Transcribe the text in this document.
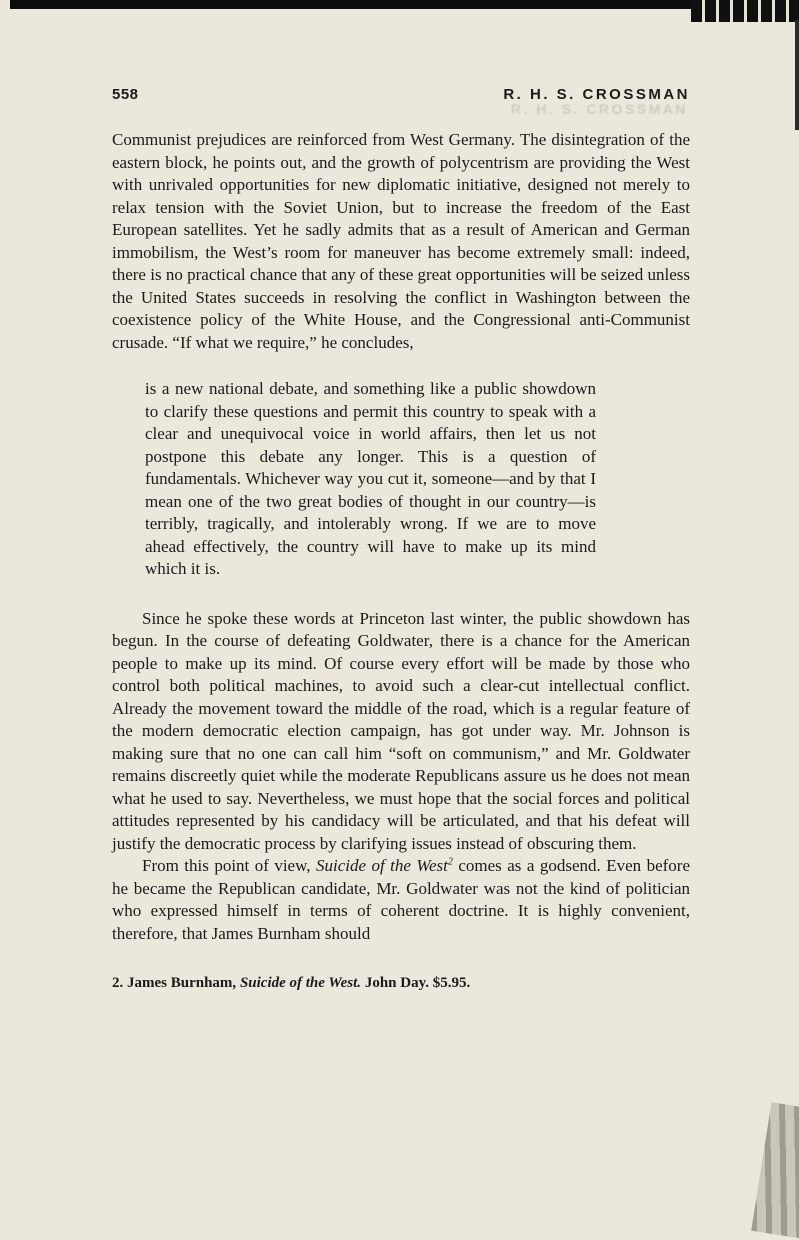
558	R. H. S. CROSSMAN
R. H. S. CROSSMAN

Communist prejudices are reinforced from West Germany. The disintegration of the eastern block, he points out, and the growth of polycentrism are providing the West with unrivaled opportunities for new diplomatic initiative, designed not merely to relax tension with the Soviet Union, but to increase the freedom of the East European satellites. Yet he sadly admits that as a result of American and German immobilism, the West’s room for maneuver has become extremely small: indeed, there is no practical chance that any of these great opportunities will be seized unless the United States succeeds in resolving the conflict in Washington between the coexistence policy of the White House, and the Congressional anti-Communist crusade. “If what we require,” he concludes,

is a new national debate, and something like a public showdown to clarify these questions and permit this country to speak with a clear and unequivocal voice in world affairs, then let us not postpone this debate any longer. This is a question of fundamentals. Whichever way you cut it, someone—and by that I mean one of the two great bodies of thought in our country—is terribly, tragically, and intolerably wrong. If we are to move ahead effectively, the country will have to make up its mind which it is.

Since he spoke these words at Princeton last winter, the public showdown has begun. In the course of defeating Goldwater, there is a chance for the American people to make up its mind. Of course every effort will be made by those who control both political machines, to avoid such a clear-cut intellectual conflict. Already the movement toward the middle of the road, which is a regular feature of the modern democratic election campaign, has got under way. Mr. Johnson is making sure that no one can call him “soft on communism,” and Mr. Goldwater remains discreetly quiet while the moderate Republicans assure us he does not mean what he used to say. Nevertheless, we must hope that the social forces and political attitudes represented by his candidacy will be articulated, and that his defeat will justify the democratic process by clarifying issues instead of obscuring them.

From this point of view, Suicide of the West$^2$ comes as a godsend. Even before he became the Republican candidate, Mr. Goldwater was not the kind of politician who expressed himself in terms of coherent doctrine. It is highly convenient, therefore, that James Burnham should

2. James Burnham, Suicide of the West. John Day. $5.95.
